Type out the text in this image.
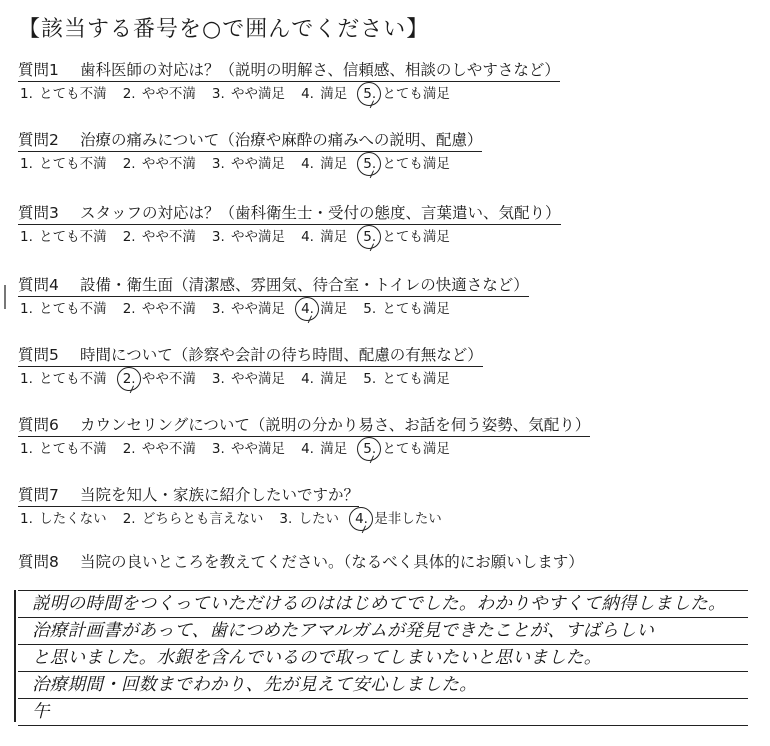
【該当する番号を○で囲んでください】
質問1 歯科医師の対応は？（説明の明解さ、信頼感、相談のしやすさなど）
1. とても不満 2. やや不満 3. やや満足 4. 満足 5. とても満足
質問2 治療の痛みについて（治療や麻酔の痛みへの説明、配慮）
1. とても不満 2. やや不満 3. やや満足 4. 満足 5. とても満足
質問3 スタッフの対応は？（歯科衛生士・受付の態度、言葉遣い、気配り）
1. とても不満 2. やや不満 3. やや満足 4. 満足 5. とても満足
質問4 設備・衛生面（清潔感、雰囲気、待合室・トイレの快適さなど）
1. とても不満 2. やや不満 3. やや満足 4. 満足 5. とても満足
質問5 時間について（診察や会計の待ち時間、配慮の有無など）
1. とても不満 2. やや不満 3. やや満足 4. 満足 5. とても満足
質問6 カウンセリングについて（説明の分かり易さ、お話を伺う姿勢、気配り）
1. とても不満 2. やや不満 3. やや満足 4. 満足 5. とても満足
質問7 当院を知人・家族に紹介したいですか？
1. したくない 2. どちらとも言えない 3. したい 4. 是非したい
質問8 当院の良いところを教えてください。（なるべく具体的にお願いします）
説明の時間をつくっていただけるのははじめてでした。わかりやすくて納得しました。
治療計画書があって、歯につめたアマルガムが発見できたことが、すばらしい
と思いました。水銀を含んでいるので取ってしまいたいと思いました。
治療期間・回数までわかり、先が見えて安心しました。
午
